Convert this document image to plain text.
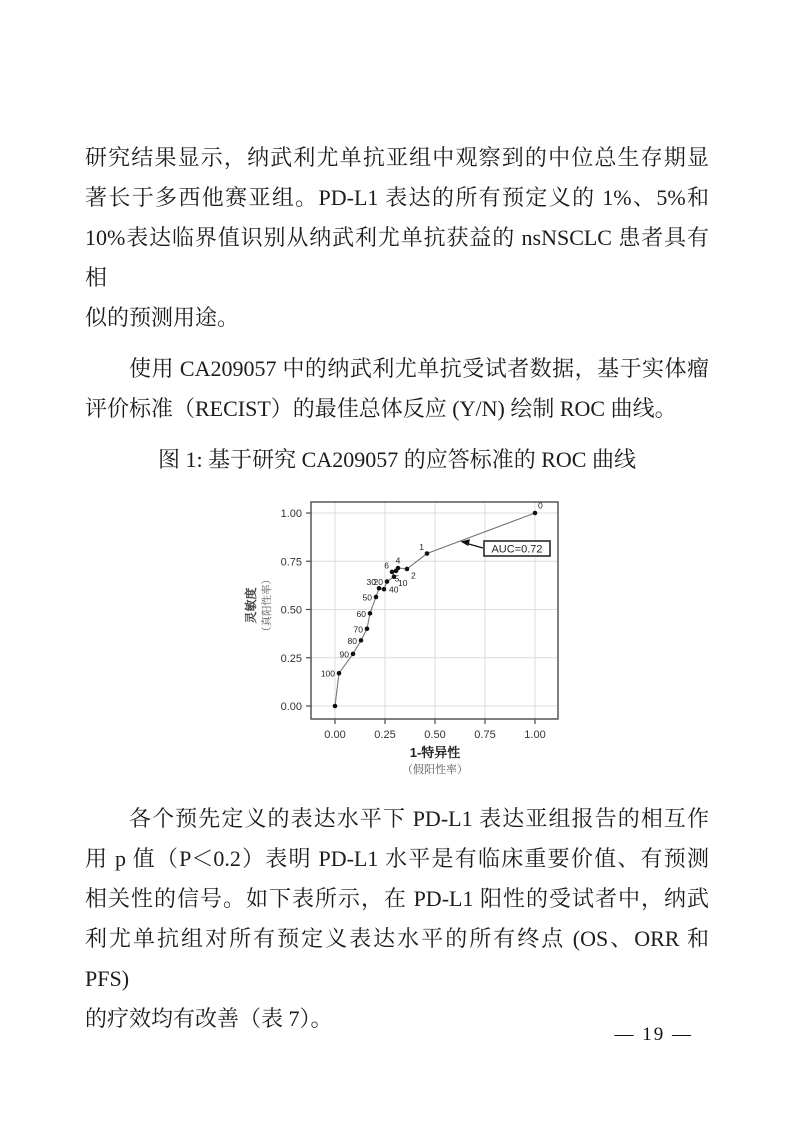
研究结果显示，纳武利尤单抗亚组中观察到的中位总生存期显
著长于多西他赛亚组。PD-L1 表达的所有预定义的 1%、5%和
10%表达临界值识别从纳武利尤单抗获益的 nsNSCLC 患者具有相
似的预测用途。
使用 CA209057 中的纳武利尤单抗受试者数据，基于实体瘤
评价标准（RECIST）的最佳总体反应 (Y/N) 绘制 ROC 曲线。
图 1: 基于研究 CA209057 的应答标准的 ROC 曲线
0.00	0.25	0.50	0.75	1.00
0.00
0.25
0.50
0.75
1.00
1-特异性
（假阳性率）
灵敏度 （真阳性率）
100
90
80
70
60
50
30
40
20 10
6
5
4
2
1
0
AUC=0.72
各个预先定义的表达水平下 PD-L1 表达亚组报告的相互作
用 p 值（P＜0.2）表明 PD-L1 水平是有临床重要价值、有预测
相关性的信号。如下表所示，在 PD-L1 阳性的受试者中，纳武
利尤单抗组对所有预定义表达水平的所有终点 (OS、ORR 和 PFS)
的疗效均有改善（表 7）。
— 19 —
